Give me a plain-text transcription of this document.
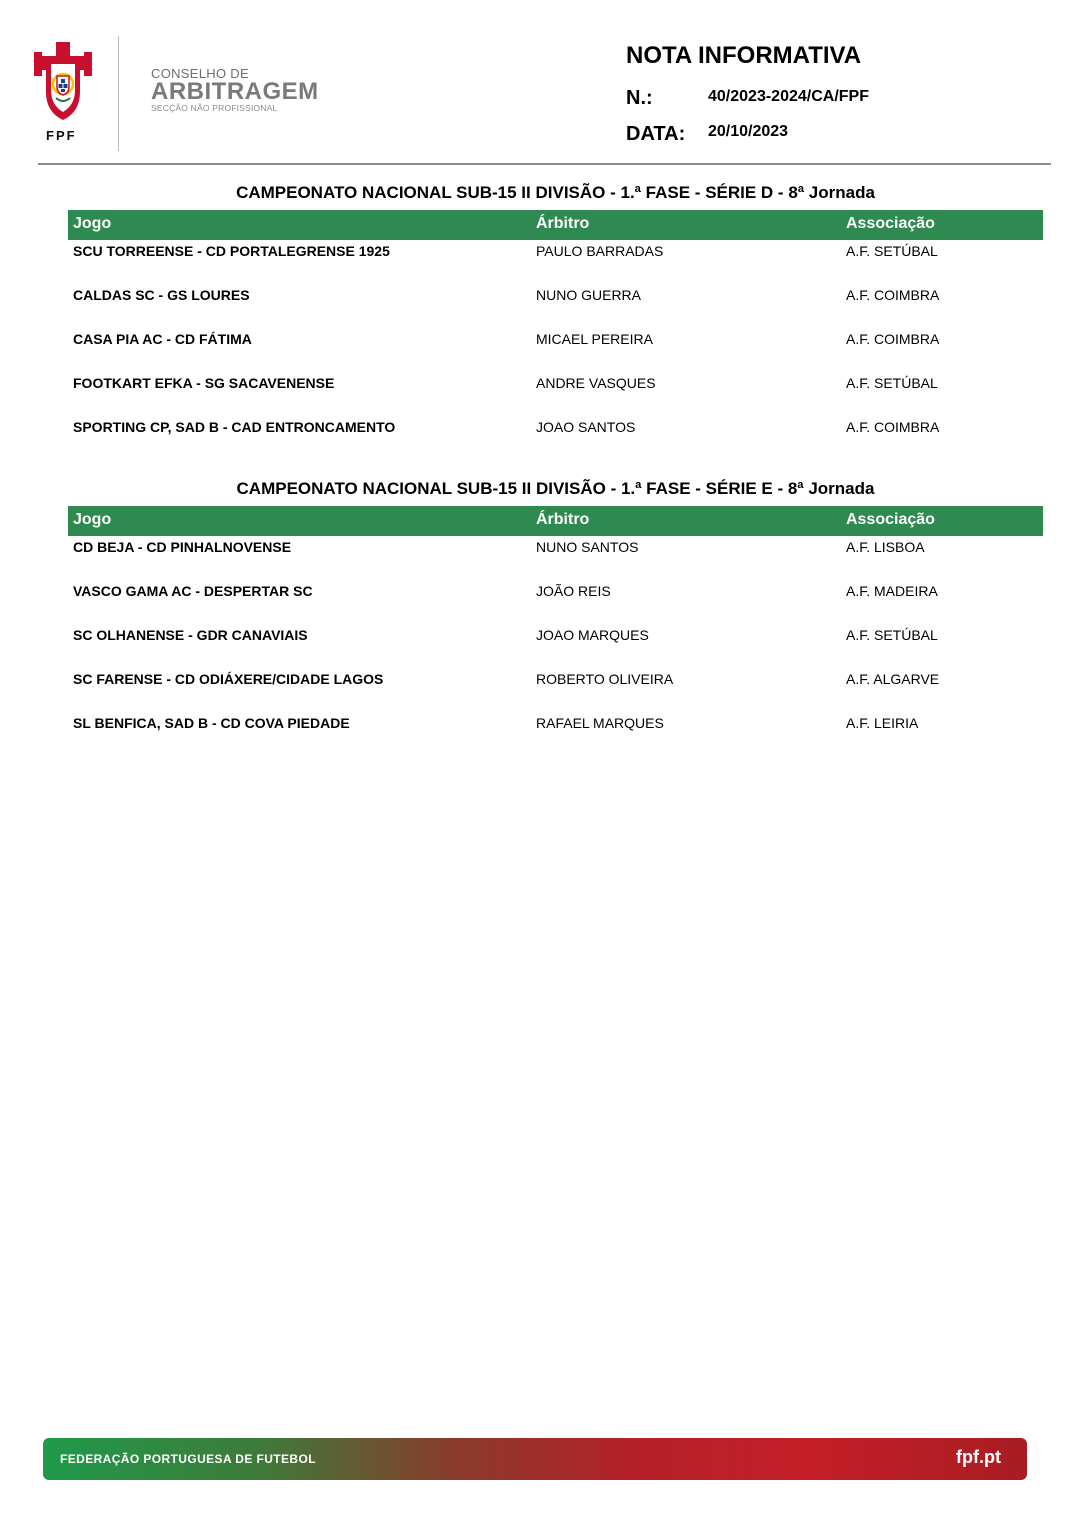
FPF
CONSELHO DE
ARBITRAGEM
SECÇÃO NÃO PROFISSIONAL
NOTA INFORMATIVA
N.:	40/2023-2024/CA/FPF
DATA: 20/10/2023
CAMPEONATO NACIONAL SUB-15 II DIVISÃO - 1.ª FASE - SÉRIE D - 8ª Jornada
Jogo	Árbitro	Associação
SCU TORREENSE - CD PORTALEGRENSE 1925	PAULO BARRADAS	A.F. SETÚBAL
CALDAS SC - GS LOURES	NUNO GUERRA	A.F. COIMBRA
CASA PIA AC - CD FÁTIMA	MICAEL PEREIRA	A.F. COIMBRA
FOOTKART EFKA - SG SACAVENENSE	ANDRE VASQUES	A.F. SETÚBAL
SPORTING CP, SAD B - CAD ENTRONCAMENTO	JOAO SANTOS	A.F. COIMBRA
CAMPEONATO NACIONAL SUB-15 II DIVISÃO - 1.ª FASE - SÉRIE E - 8ª Jornada
Jogo	Árbitro	Associação
CD BEJA - CD PINHALNOVENSE	NUNO SANTOS	A.F. LISBOA
VASCO GAMA AC - DESPERTAR SC	JOÃO REIS	A.F. MADEIRA
SC OLHANENSE - GDR CANAVIAIS	JOAO MARQUES	A.F. SETÚBAL
SC FARENSE - CD ODIÁXERE/CIDADE LAGOS	ROBERTO OLIVEIRA	A.F. ALGARVE
SL BENFICA, SAD B - CD COVA PIEDADE	RAFAEL MARQUES	A.F. LEIRIA
FEDERAÇÃO PORTUGUESA DE FUTEBOL	fpf.pt
